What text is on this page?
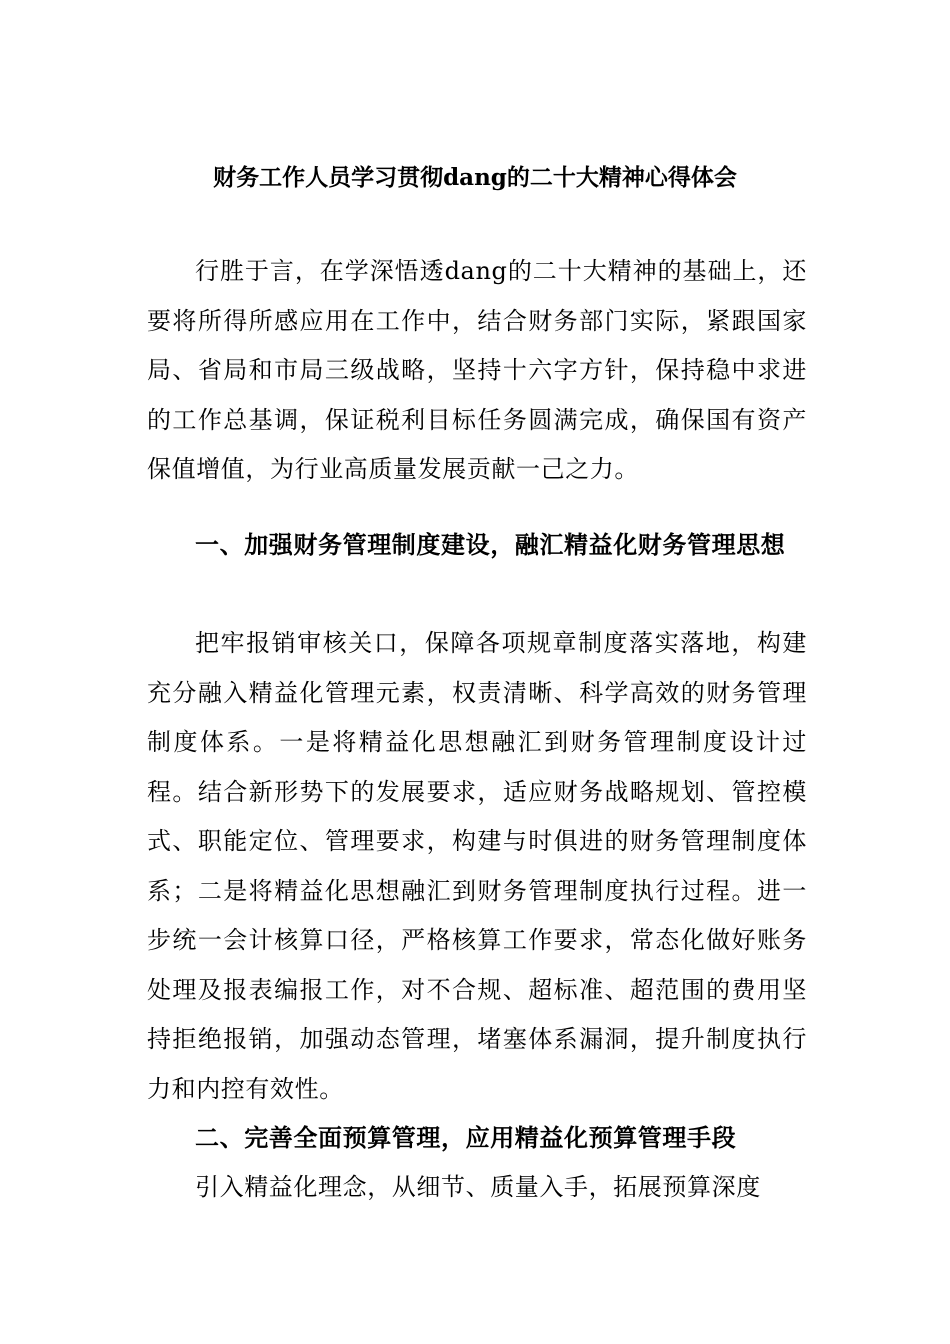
财务工作人员学习贯彻dang的二十大精神心得体会

行胜于言，在学深悟透dang的二十大精神的基础上，还要将所得所感应用在工作中，结合财务部门实际，紧跟国家局、省局和市局三级战略，坚持十六字方针，保持稳中求进的工作总基调，保证税利目标任务圆满完成，确保国有资产保值增值，为行业高质量发展贡献一己之力。

一、加强财务管理制度建设，融汇精益化财务管理思想

把牢报销审核关口，保障各项规章制度落实落地，构建充分融入精益化管理元素，权责清晰、科学高效的财务管理制度体系。一是将精益化思想融汇到财务管理制度设计过程。结合新形势下的发展要求，适应财务战略规划、管控模式、职能定位、管理要求，构建与时俱进的财务管理制度体系；二是将精益化思想融汇到财务管理制度执行过程。进一步统一会计核算口径，严格核算工作要求，常态化做好账务处理及报表编报工作，对不合规、超标准、超范围的费用坚持拒绝报销，加强动态管理，堵塞体系漏洞，提升制度执行力和内控有效性。

二、完善全面预算管理，应用精益化预算管理手段

引入精益化理念，从细节、质量入手，拓展预算深度
